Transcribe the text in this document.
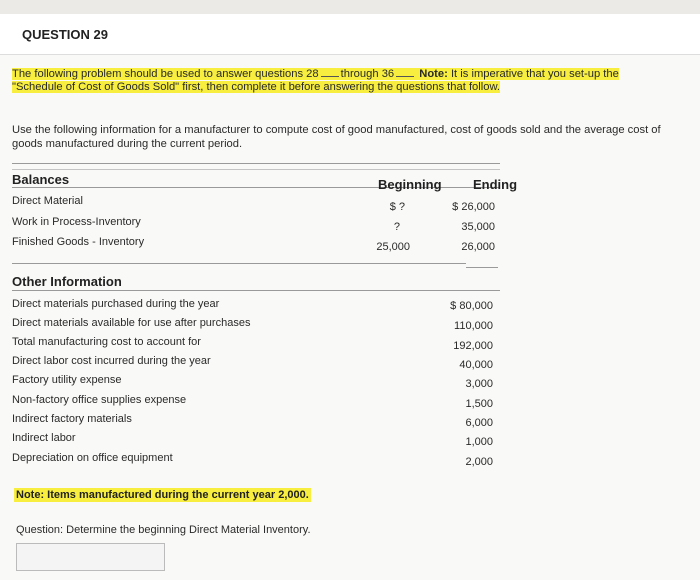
QUESTION 29
The following problem should be used to answer questions 28 through 36 Note: It is imperative that you set-up the
"Schedule of Cost of Goods Sold" first, then complete it before answering the questions that follow.
Use the following information for a manufacturer to compute cost of good manufactured, cost of goods sold and the average cost of goods manufactured during the current period.
Balances	Beginning Ending
Direct Material	$ ?	$ 26,000
Work in Process-Inventory	?	35,000
Finished Goods - Inventory	25,000	26,000
Other Information
Direct materials purchased during the year	$ 80,000
Direct materials available for use after purchases	110,000
Total manufacturing cost to account for	192,000
Direct labor cost incurred during the year	40,000
Factory utility expense	3,000
Non-factory office supplies expense	1,500
Indirect factory materials	6,000
Indirect labor	1,000
Depreciation on office equipment	2,000
Note: Items manufactured during the current year 2,000.
Question: Determine the beginning Direct Material Inventory.
